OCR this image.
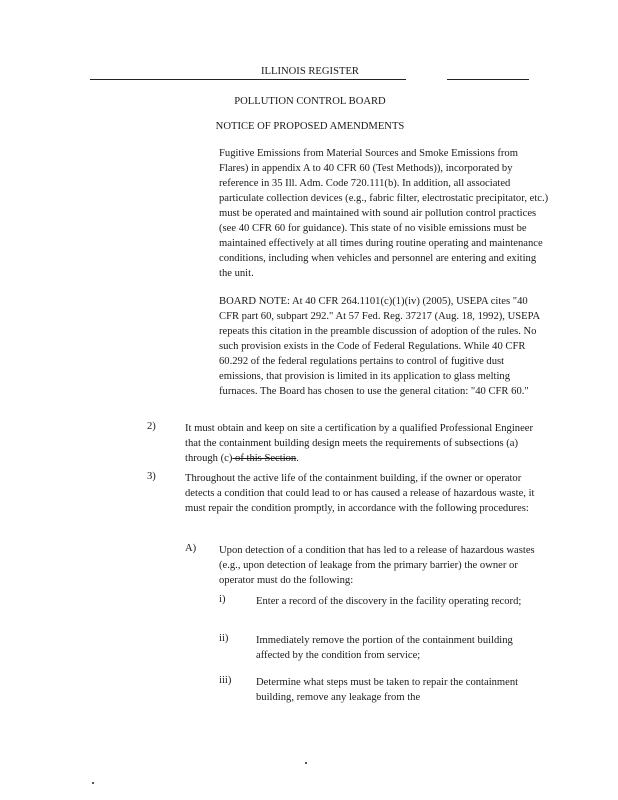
ILLINOIS REGISTER
POLLUTION CONTROL BOARD
NOTICE OF PROPOSED AMENDMENTS

Fugitive Emissions from Material Sources and Smoke Emissions from Flares) in appendix A to 40 CFR 60 (Test Methods)), incorporated by reference in 35 Ill. Adm. Code 720.111(b). In addition, all associated particulate collection devices (e.g., fabric filter, electrostatic precipitator, etc.) must be operated and maintained with sound air pollution control practices (see 40 CFR 60 for guidance). This state of no visible emissions must be maintained effectively at all times during routine operating and maintenance conditions, including when vehicles and personnel are entering and exiting the unit.

BOARD NOTE: At 40 CFR 264.1101(c)(1)(iv) (2005), USEPA cites "40 CFR part 60, subpart 292." At 57 Fed. Reg. 37217 (Aug. 18, 1992), USEPA repeats this citation in the preamble discussion of adoption of the rules. No such provision exists in the Code of Federal Regulations. While 40 CFR 60.292 of the federal regulations pertains to control of fugitive dust emissions, that provision is limited in its application to glass melting furnaces. The Board has chosen to use the general citation: "40 CFR 60."

2)	It must obtain and keep on site a certification by a qualified Professional Engineer that the containment building design meets the requirements of subsections (a) through (c) of this Section.

3)	Throughout the active life of the containment building, if the owner or operator detects a condition that could lead to or has caused a release of hazardous waste, it must repair the condition promptly, in accordance with the following procedures:

A) Upon detection of a condition that has led to a release of hazardous wastes (e.g., upon detection of leakage from the primary barrier) the owner or operator must do the following:

i)	Enter a record of the discovery in the facility operating record;

ii)	Immediately remove the portion of the containment building affected by the condition from service;

iii) Determine what steps must be taken to repair the containment building, remove any leakage from the
